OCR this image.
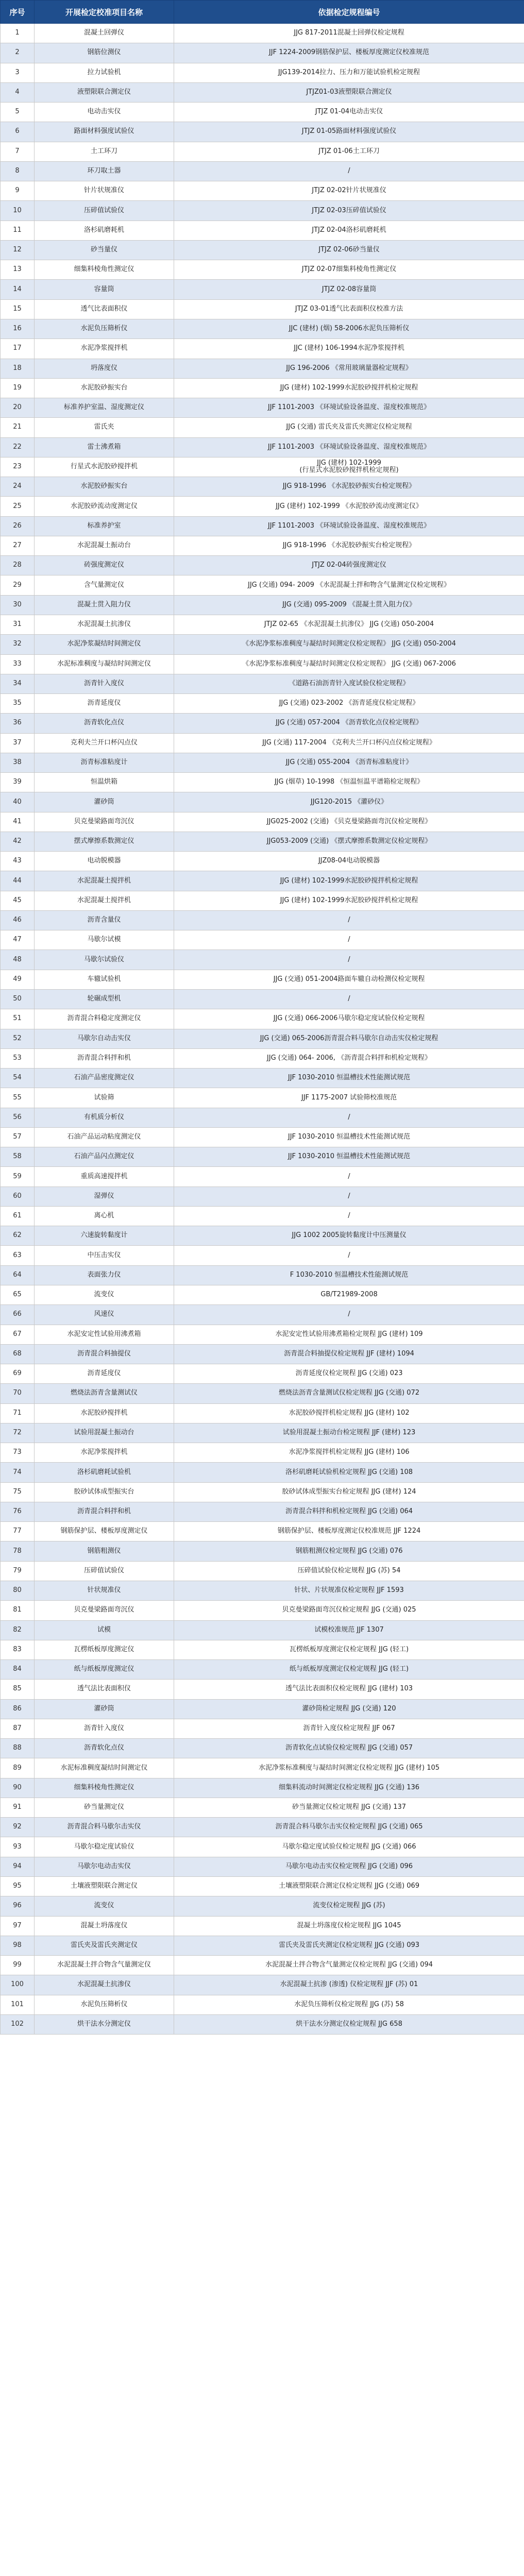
序号	开展检定校准项目名称	依据检定规程编号
1	混凝土回弹仪	JJG 817-2011混凝土回弹仪检定规程
2	钢筋位测仪	JJF 1224-2009钢筋保护层、楼板厚度测定仪校准规范
3	拉力试验机	JJG139-2014拉力、压力和万能试验机检定规程
4	液塑限联合测定仪	JTJZ01-03液塑限联合测定仪
5	电动击实仪	JTJZ 01-04电动击实仪
6	路面材料强度试验仪	JTJZ 01-05路面材料强度试验仪
7	土工环刀	JTJZ 01-06土工环刀
8	环刀取土器	/
9	针片状规准仪	JTJZ 02-02针片状规准仪
10	压碎值试验仪	JTJZ 02-03压碎值试验仪
11	洛杉矶磨耗机	JTJZ 02-04洛杉矶磨耗机
12	砂当量仪	JTJZ 02-06砂当量仪
13	细集料棱角性测定仪	JTJZ 02-07细集料棱角性测定仪
14	容量筒	JTJZ 02-08容量筒
15	透气比表面积仪	JTJZ 03-01透气比表面积仪校准方法
16	水泥负压筛析仪	JJC (建材) (烟) 58-2006水泥负压筛析仪
17	水泥净浆搅拌机	JJC (建材) 106-1994水泥净浆搅拌机
18	坍落度仪	JJG 196-2006 《常用玻璃量器检定规程》
19	水泥胶砂振实台	JJG (建材) 102-1999水泥胶砂搅拌机检定规程
20	标准养护室温、湿度测定仪	JJF 1101-2003 《环境试验设备温度、湿度校准规范》
21	雷氏夹	JJG (交通) 雷氏夹及雷氏夹测定仪检定规程
22	雷士沸煮箱	JJF 1101-2003 《环境试验设备温度、湿度校准规范》
23	行星式水泥胶砂搅拌机	JJG (建材) 102-1999
(行星式水泥胶砂搅拌机检定规程)
24	水泥胶砂振实台	JJG 918-1996 《水泥胶砂振实台检定规程》
25	水泥胶砂流动度测定仪	JJG (建材) 102-1999 《水泥胶砂流动度测定仪》
26	标准养护室	JJF 1101-2003 《环境试验设备温度、湿度校准规范》
27	水泥混凝土振动台	JJG 918-1996 《水泥胶砂振实台检定规程》
28	砖强度测定仪	JTJZ 02-04砖强度测定仪
29	含气量测定仪	JJG (交通) 094- 2009 《水泥混凝土拌和物含气量测定仪检定规程》
30	混凝土贯入阻力仪	JJG (交通) 095-2009 《混凝土贯入阻力仪》
31	水泥混凝土抗渗仪	JTJZ 02-65 《水泥混凝土抗渗仪》 JJG (交通) 050-2004
32	水泥净浆凝结时间测定仪	《水泥净浆标准稠度与凝结时间测定仪检定规程》 JJG (交通) 050-2004
33	水泥标准稠度与凝结时间测定仪	《水泥净浆标准稠度与凝结时间测定仪检定规程》 JJG (交通) 067-2006
34	沥青针入度仪	《道路石油沥青针入度试验仪检定规程》
35	沥青延度仪	JJG (交通) 023-2002 《沥青延度仪检定规程》
36	沥青软化点仪	JJG (交通) 057-2004 《沥青软化点仪检定规程》
37	克利夫兰开口杯闪点仪	JJG (交通) 117-2004 《克利夫兰开口杯闪点仪检定规程》
38	沥青标准粘度计	JJG (交通) 055-2004 《沥青标准粘度计》
39	恒温烘箱	JJG (烟草) 10-1998 《恒温恒温平谱箱检定规程》
40	灌砂筒	JJG120-2015 《灌砂仪》
41	贝克曼梁路面弯沉仪	JJG025-2002 (交通) 《贝克曼梁路面弯沉仪检定规程》
42	摆式摩擦系数测定仪	JJG053-2009 (交通) 《摆式摩擦系数测定仪检定规程》
43	电动脱模器	JJZ08-04电动脱模器
44	水泥混凝土搅拌机	JJG (建材) 102-1999水泥胶砂搅拌机检定规程
45	水泥混凝土搅拌机	JJG (建材) 102-1999水泥胶砂搅拌机检定规程
46	沥青含量仪	/
47	马歇尔试模	/
48	马歇尔试验仪	/
49	车辙试验机	JJG (交通) 051-2004路面车辙自动检测仪检定规程
50	轮碾成型机	/
51	沥青混合料稳定度测定仪	JJG (交通) 066-2006马歇尔稳定度试验仪检定规程
52	马歇尔自动击实仪	JJG (交通) 065-2006沥青混合料马歇尔自动击实仪检定规程
53	沥青混合料拌和机	JJG (交通) 064- 2006, 《沥青混合料拌和机检定规程》
54	石油产品密度测定仪	JJF 1030-2010 恒温槽技术性能测试规范
55	试验筛	JJF 1175-2007 试验筛校准规范
56	有机质分析仪	/
57	石油产品运动粘度测定仪	JJF 1030-2010 恒温槽技术性能测试规范
58	石油产品闪点测定仪	JJF 1030-2010 恒温槽技术性能测试规范
59	重质高速搅拌机	/
60	湿弹仪	/
61	离心机	/
62	六速旋转黏度计	JJG 1002 2005旋转黏度计中压测量仪
63	中压击实仪	/
64	表面张力仪	F 1030-2010 恒温槽技术性能测试规范
65	流变仪	GB/T21989-2008
66	风速仪	/
67	水泥安定性试验用沸煮箱	水泥安定性试验用沸煮箱检定规程 JJG (建材) 109
68	沥青混合料抽提仪	沥青混合料抽提仪检定规程 JJF (建材) 1094
69	沥青延度仪	沥青延度仪检定规程 JJG (交通) 023
70	燃烧法沥青含量测试仪	燃烧法沥青含量测试仪检定规程 JJG (交通) 072
71	水泥胶砂搅拌机	水泥胶砂搅拌机检定规程 JJG (建材) 102
72	试验用混凝土振动台	试验用混凝土振动台检定规程 JJF (建材) 123
73	水泥净浆搅拌机	水泥净浆搅拌机检定规程 JJG (建材) 106
74	洛杉矶磨耗试验机	洛杉矶磨耗试验机检定规程 JJG (交通) 108
75	胶砂试体成型振实台	胶砂试体成型振实台检定规程 JJG (建材) 124
76	沥青混合料拌和机	沥青混合料拌和机检定规程 JJG (交通) 064
77	钢筋保护层、楼板厚度测定仪	钢筋保护层、楼板厚度测定仪校准规范 JJF 1224
78	钢筋粗测仪	钢筋粗测仪检定规程 JJG (交通) 076
79	压碎值试验仪	压碎值试验仪检定规程 JJG (苏) 54
80	针状规准仪	针状、片状规准仪检定规程 JJF 1593
81	贝克曼梁路面弯沉仪	贝克曼梁路面弯沉仪检定规程 JJG (交通) 025
82	试模	试模校准规范 JJF 1307
83	瓦楞纸板厚度测定仪	瓦楞纸板厚度测定仪检定规程 JJG (轻工)
84	纸与纸板厚度测定仪	纸与纸板厚度测定仪检定规程 JJG (轻工)
85	透气法比表面积仪	透气法比表面积仪检定规程 JJG (建材) 103
86	灌砂筒	灌砂筒检定规程 JJG (交通) 120
87	沥青针入度仪	沥青针入度仪检定规程 JJF 067
88	沥青软化点仪	沥青软化点试验仪检定规程 JJG (交通) 057
89	水泥标准稠度凝结时间测定仪	水泥净浆标准稠度与凝结时间测定仪检定规程 JJG (建材) 105
90	细集料棱角性测定仪	细集料流动时间测定仪检定规程 JJG (交通) 136
91	砂当量测定仪	砂当量测定仪检定规程 JJG (交通) 137
92	沥青混合料马歇尔击实仪	沥青混合料马歇尔击实仪检定规程 JJG (交通) 065
93	马歇尔稳定度试验仪	马歇尔稳定度试验仪检定规程 JJG (交通) 066
94	马歇尔电动击实仪	马歇尔电动击实仪检定规程 JJG (交通) 096
95	土壤液塑限联合测定仪	土壤液塑限联合测定仪检定规程 JJG (交通) 069
96	流变仪	流变仪检定规程 JJG (苏)
97	混凝土坍落度仪	混凝土坍落度仪检定规程 JJG 1045
98	雷氏夹及雷氏夹测定仪	雷氏夹及雷氏夹测定仪检定规程 JJG (交通) 093
99	水泥混凝土拌合物含气量测定仪	水泥混凝土拌合物含气量测定仪检定规程 JJG (交通) 094
100	水泥混凝土抗渗仪	水泥混凝土抗渗 (渗透) 仪检定规程 JJF (苏) 01
101	水泥负压筛析仪	水泥负压筛析仪检定规程 JJG (苏) 58
102	烘干法水分测定仪	烘干法水分测定仪检定规程 JJG 658
